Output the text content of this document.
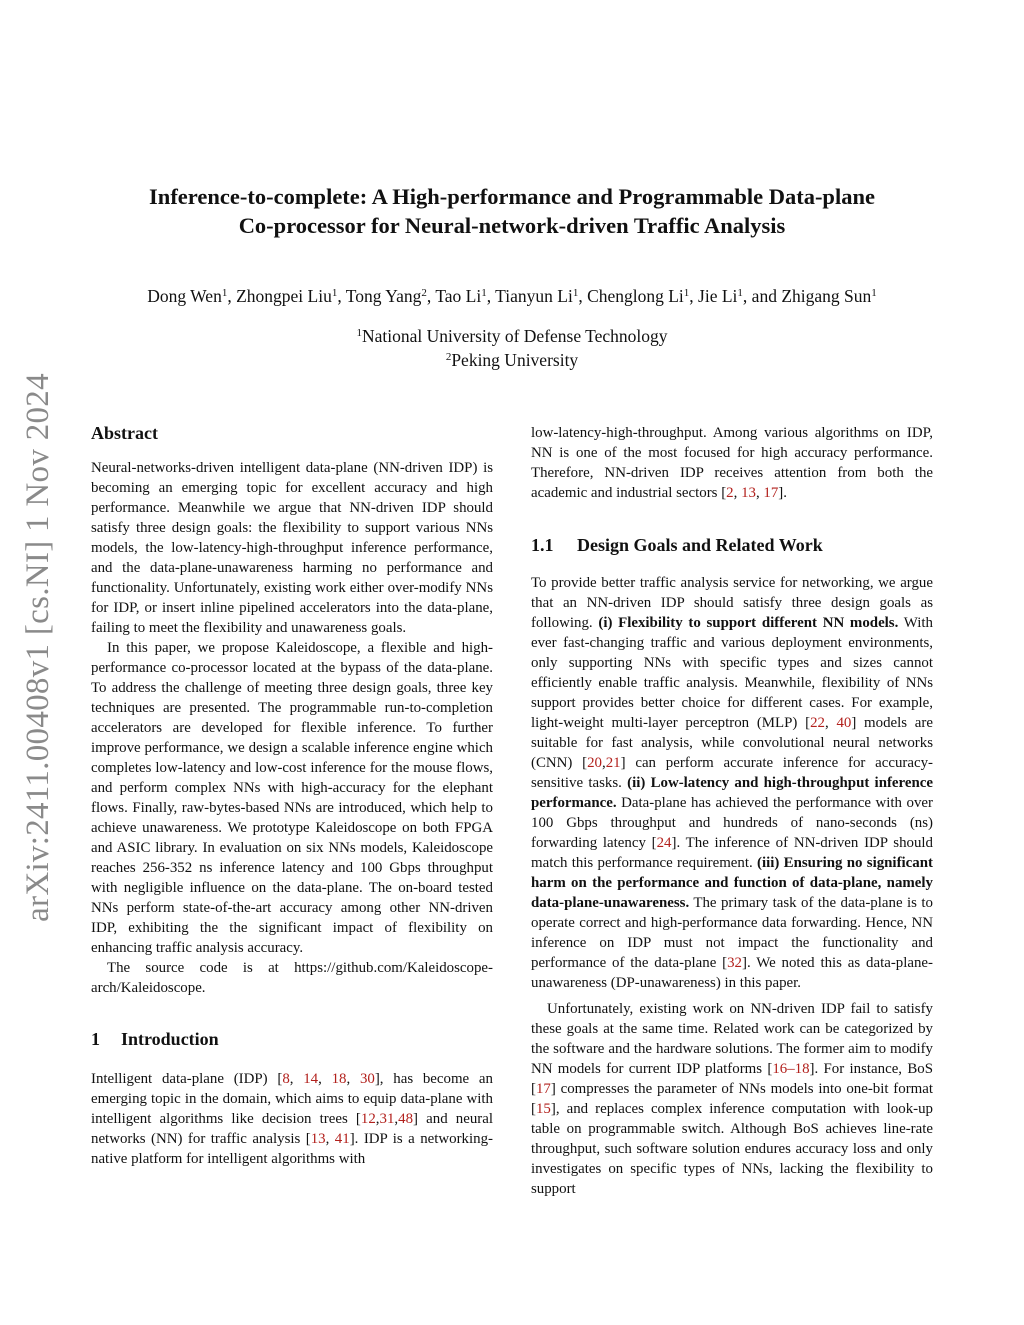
arXiv:2411.00408v1 [cs.NI] 1 Nov 2024
Inference-to-complete: A High-performance and Programmable Data-plane
Co-processor for Neural-network-driven Traffic Analysis
Dong Wen$^1$, Zhongpei Liu$^1$, Tong Yang$^2$, Tao Li$^1$, Tianyun Li$^1$, Chenglong Li$^1$, Jie Li$^1$, and Zhigang Sun$^1$
$^1$National University of Defense Technology
$^2$Peking University
Abstract

Neural-networks-driven intelligent data-plane (NN-driven IDP) is becoming an emerging topic for excellent accuracy and high performance. Meanwhile we argue that NN-driven IDP should satisfy three design goals: the flexibility to support various NNs models, the low-latency-high-throughput inference performance, and the data-plane-unawareness harming no performance and functionality. Unfortunately, existing work either over-modify NNs for IDP, or insert inline pipelined accelerators into the data-plane, failing to meet the flexibility and unawareness goals.

In this paper, we propose Kaleidoscope, a flexible and high-performance co-processor located at the bypass of the data-plane. To address the challenge of meeting three design goals, three key techniques are presented. The programmable run-to-completion accelerators are developed for flexible inference. To further improve performance, we design a scalable inference engine which completes low-latency and low-cost inference for the mouse flows, and perform complex NNs with high-accuracy for the elephant flows. Finally, raw-bytes-based NNs are introduced, which help to achieve unawareness. We prototype Kaleidoscope on both FPGA and ASIC library. In evaluation on six NNs models, Kaleidoscope reaches 256-352 ns inference latency and 100 Gbps throughput with negligible influence on the data-plane. The on-board tested NNs perform state-of-the-art accuracy among other NN-driven IDP, exhibiting the the significant impact of flexibility on enhancing traffic analysis accuracy.

The source code is at https://github.com/Kaleidoscope-arch/Kaleidoscope.

1 Introduction

Intelligent data-plane (IDP) [8, 14, 18, 30], has become an emerging topic in the domain, which aims to equip data-plane with intelligent algorithms like decision trees [12,31,48] and neural networks (NN) for traffic analysis [13, 41]. IDP is a networking-native platform for intelligent algorithms with

low-latency-high-throughput. Among various algorithms on IDP, NN is one of the most focused for high accuracy performance. Therefore, NN-driven IDP receives attention from both the academic and industrial sectors [2, 13, 17].

1.1 Design Goals and Related Work

To provide better traffic analysis service for networking, we argue that an NN-driven IDP should satisfy three design goals as following. (i) Flexibility to support different NN models. With ever fast-changing traffic and various deployment environments, only supporting NNs with specific types and sizes cannot efficiently enable traffic analysis. Meanwhile, flexibility of NNs support provides better choice for different cases. For example, light-weight multi-layer perceptron (MLP) [22, 40] models are suitable for fast analysis, while convolutional neural networks (CNN) [20,21] can perform accurate inference for accuracy-sensitive tasks. (ii) Low-latency and high-throughput inference performance. Data-plane has achieved the performance with over 100 Gbps throughput and hundreds of nano-seconds (ns) forwarding latency [24]. The inference of NN-driven IDP should match this performance requirement. (iii) Ensuring no significant harm on the performance and function of data-plane, namely data-plane-unawareness. The primary task of the data-plane is to operate correct and high-performance data forwarding. Hence, NN inference on IDP must not impact the functionality and performance of the data-plane [32]. We noted this as data-plane-unawareness (DP-unawareness) in this paper.

Unfortunately, existing work on NN-driven IDP fail to satisfy these goals at the same time. Related work can be categorized by the software and the hardware solutions. The former aim to modify NN models for current IDP platforms [16–18]. For instance, BoS [17] compresses the parameter of NNs models into one-bit format [15], and replaces complex inference computation with look-up table on programmable switch. Although BoS achieves line-rate throughput, such software solution endures accuracy loss and only investigates on specific types of NNs, lacking the flexibility to support
